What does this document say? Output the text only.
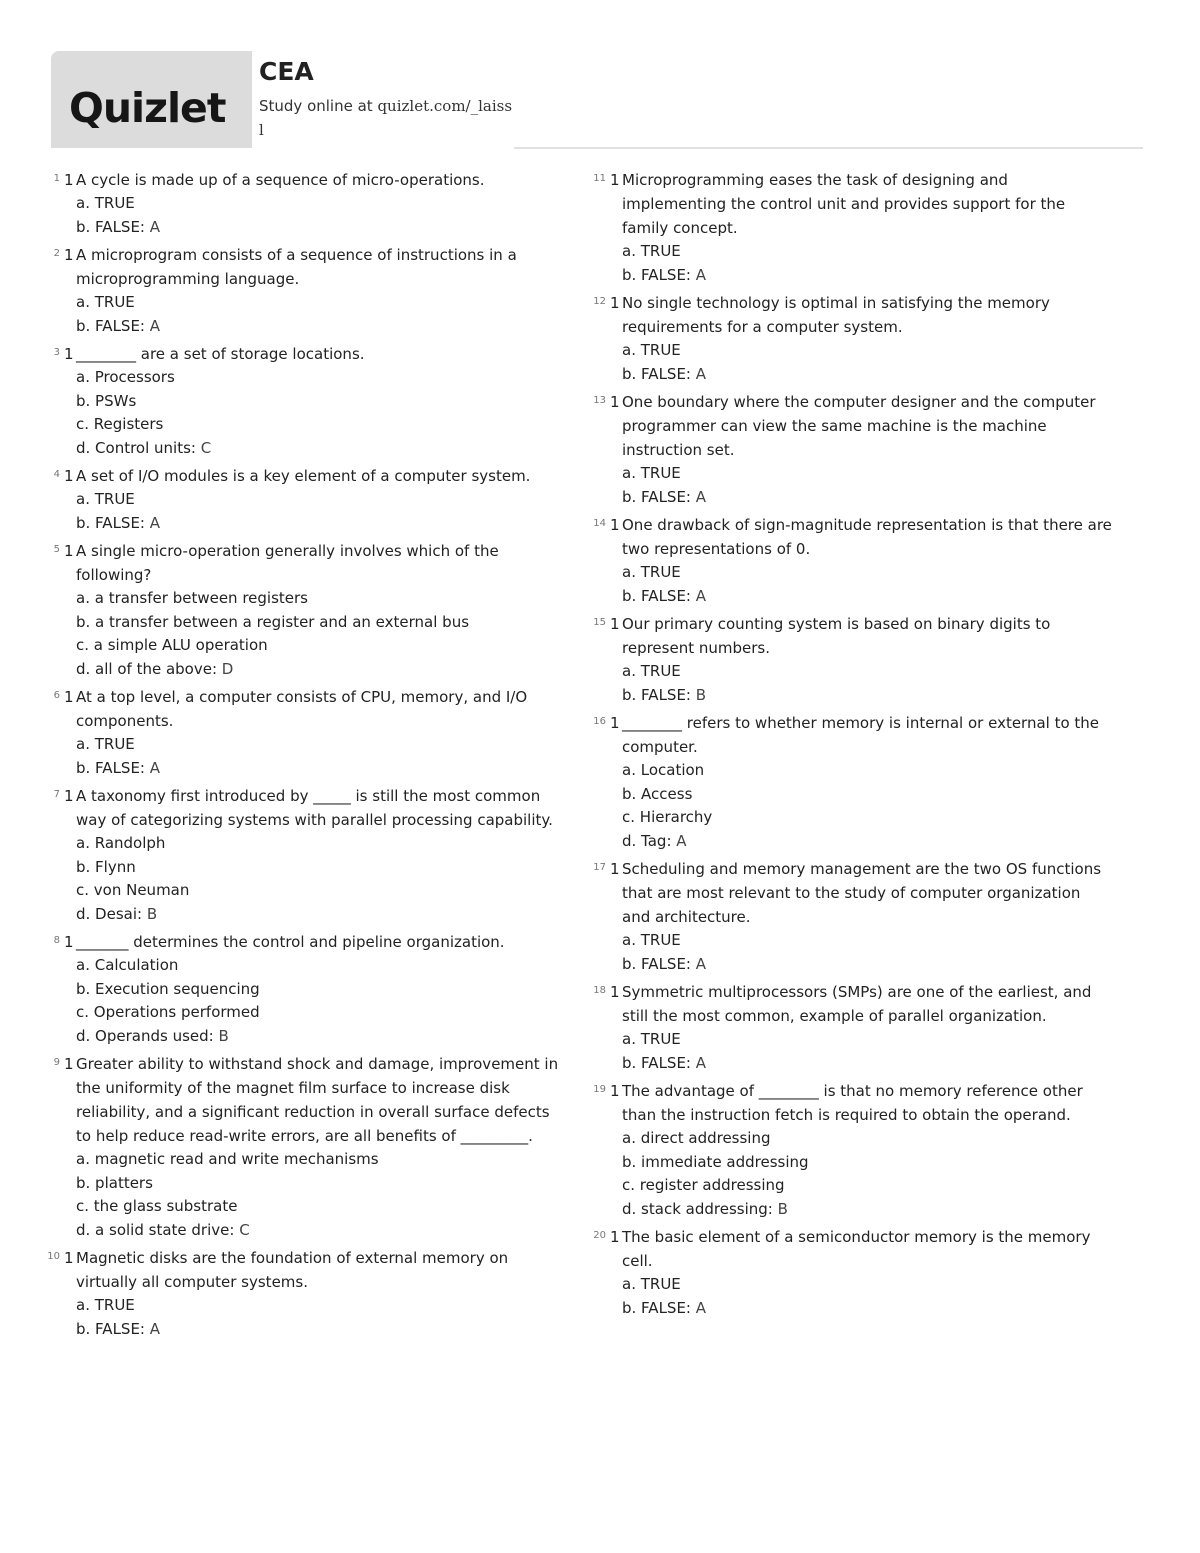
Quizlet
CEA
Study online at quizlet.com/_laiss
l
1 1 A cycle is made up of a sequence of micro-operations.
a. TRUE
b. FALSE: A
2 1 A microprogram consists of a sequence of instructions in a microprogramming language.
a. TRUE
b. FALSE: A
3 1 ________ are a set of storage locations.
a. Processors
b. PSWs
c. Registers
d. Control units: C
4 1 A set of I/O modules is a key element of a computer system.
a. TRUE
b. FALSE: A
5 1 A single micro-operation generally involves which of the following?
a. a transfer between registers
b. a transfer between a register and an external bus
c. a simple ALU operation
d. all of the above: D
6 1 At a top level, a computer consists of CPU, memory, and I/O components.
a. TRUE
b. FALSE: A
7 1 A taxonomy first introduced by _____ is still the most common way of categorizing systems with parallel processing capability.
a. Randolph
b. Flynn
c. von Neuman
d. Desai: B
8 1 _______ determines the control and pipeline organization.
a. Calculation
b. Execution sequencing
c. Operations performed
d. Operands used: B
9 1 Greater ability to withstand shock and damage, improvement in the uniformity of the magnet film surface to increase disk reliability, and a significant reduction in overall surface defects to help reduce read-write errors, are all benefits of _________.
a. magnetic read and write mechanisms
b. platters
c. the glass substrate
d. a solid state drive: C
10 1 Magnetic disks are the foundation of external memory on virtually all computer systems.
a. TRUE
b. FALSE: A
11 1 Microprogramming eases the task of designing and implementing the control unit and provides support for the family concept.
a. TRUE
b. FALSE: A
12 1 No single technology is optimal in satisfying the memory requirements for a computer system.
a. TRUE
b. FALSE: A
13 1 One boundary where the computer designer and the computer programmer can view the same machine is the machine instruction set.
a. TRUE
b. FALSE: A
14 1 One drawback of sign-magnitude representation is that there are two representations of 0.
a. TRUE
b. FALSE: A
15 1 Our primary counting system is based on binary digits to represent numbers.
a. TRUE
b. FALSE: B
16 1 ________ refers to whether memory is internal or external to the computer.
a. Location
b. Access
c. Hierarchy
d. Tag: A
17 1 Scheduling and memory management are the two OS functions that are most relevant to the study of computer organization and architecture.
a. TRUE
b. FALSE: A
18 1 Symmetric multiprocessors (SMPs) are one of the earliest, and still the most common, example of parallel organization.
a. TRUE
b. FALSE: A
19 1 The advantage of ________ is that no memory reference other than the instruction fetch is required to obtain the operand.
a. direct addressing
b. immediate addressing
c. register addressing
d. stack addressing: B
20 1 The basic element of a semiconductor memory is the memory cell.
a. TRUE
b. FALSE: A
